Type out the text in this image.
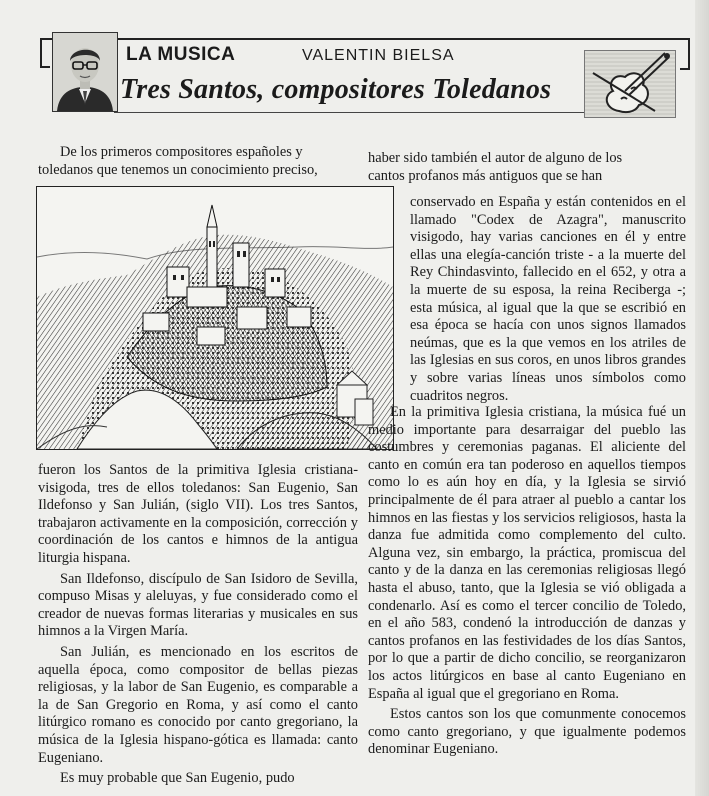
LA MUSICA	VALENTIN BIELSA
Tres Santos, compositores Toledanos

De los primeros compositores españoles y

toledanos que tenemos un conocimiento preciso,

fueron los Santos de la primitiva Iglesia cristiana-visigoda, tres de ellos toledanos: San Eugenio, San Ildefonso y San Julián, (siglo VII). Los tres Santos, trabajaron activamente en la composición, corrección y coordinación de los cantos e himnos de la antigua liturgia hispana.

San Ildefonso, discípulo de San Isidoro de Sevilla, compuso Misas y aleluyas, y fue considerado como el creador de nuevas formas literarias y musicales en sus himnos a la Virgen María.

San Julián, es mencionado en los escritos de aquella época, como compositor de bellas piezas religiosas, y la labor de San Eugenio, es comparable a la de San Gregorio en Roma, y así como el canto litúrgico romano es conocido por canto gregoriano, la música de la Iglesia hispano-gótica es llamada: canto Eugeniano.

Es muy probable que San Eugenio, pudo

haber sido también el autor de alguno de los

cantos profanos más antiguos que se han

conservado en España y están contenidos en el llamado "Codex de Azagra", manuscrito visigodo, hay varias canciones en él y entre ellas una elegía-canción triste - a la muerte del Rey Chindasvinto, fallecido en el 652, y otra a la muerte de su esposa, la reina Reciberga -; esta música, al igual que la que se escribió en esa época se hacía con unos signos llamados neúmas, que es la que vemos en los atriles de las Iglesias en sus coros, en unos libros grandes y sobre varias líneas unos símbolos como cuadritos negros.

En la primitiva Iglesia cristiana, la música fué un medio importante para desarraigar del pueblo las costumbres y ceremonias paganas. El aliciente del canto en común era tan poderoso en aquellos tiempos como lo es aún hoy en día, y la Iglesia se sirvió principalmente de él para atraer al pueblo a cantar los himnos en las fiestas y los servicios religiosos, hasta la danza fue admitida como complemento del culto. Alguna vez, sin embargo, la práctica, promiscua del canto y de la danza en las ceremonias religiosas llegó hasta el abuso, tanto, que la Iglesia se vió obligada a condenarlo. Así es como el tercer concilio de Toledo, en el año 583, condenó la introducción de danzas y cantos profanos en las festividades de los días Santos, por lo que a partir de dicho concilio, se reorganizaron los actos litúrgicos en base al canto Eugeniano en España al igual que el gregoriano en Roma.

Estos cantos son los que comunmente conocemos como canto gregoriano, y que igualmente podemos denominar Eugeniano.
